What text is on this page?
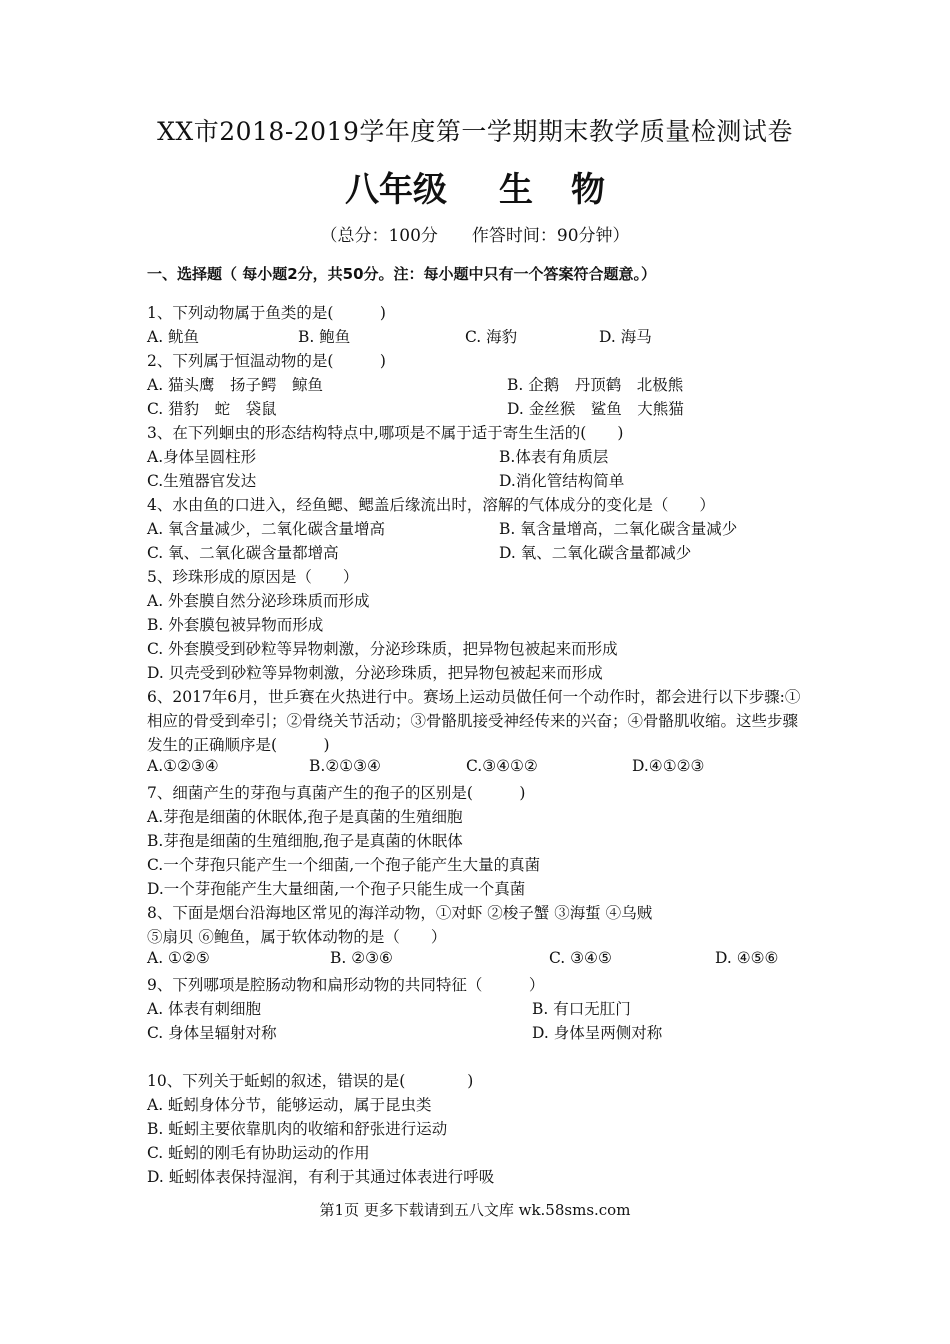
XX市2018-2019学年度第一学期期末教学质量检测试卷
八年级 生 物
（总分：100分　　作答时间：90分钟）
一、选择题（ 每小题2分，共50分。注：每小题中只有一个答案符合题意。）
1、下列动物属于鱼类的是(　　　)
A. 鱿鱼	B. 鲍鱼	C. 海豹	D. 海马
2、下列属于恒温动物的是(　　　)
A. 猫头鹰　扬子鳄　鲸鱼	B. 企鹅　丹顶鹤　北极熊
C. 猎豹　蛇　袋鼠	D. 金丝猴　鲨鱼　大熊猫
3、在下列蛔虫的形态结构特点中,哪项是不属于适于寄生生活的(　　)
A.身体呈圆柱形	B.体表有角质层
C.生殖器官发达	D.消化管结构简单
4、水由鱼的口进入，经鱼鳃、鳃盖后缘流出时，溶解的气体成分的变化是（　　）
A. 氧含量减少，二氧化碳含量增高	B. 氧含量增高，二氧化碳含量减少
C. 氧、二氧化碳含量都增高	D. 氧、二氧化碳含量都减少
5、珍珠形成的原因是（　　）
A. 外套膜自然分泌珍珠质而形成
B. 外套膜包被异物而形成
C. 外套膜受到砂粒等异物刺激，分泌珍珠质，把异物包被起来而形成
D. 贝壳受到砂粒等异物刺激，分泌珍珠质，把异物包被起来而形成
6、2017年6月，世乒赛在火热进行中。赛场上运动员做任何一个动作时，都会进行以下步骤:①
相应的骨受到牵引；②骨绕关节活动；③骨骼肌接受神经传来的兴奋；④骨骼肌收缩。这些步骤
发生的正确顺序是(　　　)
A.①②③④	B.②①③④	C.③④①②	D.④①②③
7、细菌产生的芽孢与真菌产生的孢子的区别是(　　　)
A.芽孢是细菌的休眠体,孢子是真菌的生殖细胞
B.芽孢是细菌的生殖细胞,孢子是真菌的休眠体
C.一个芽孢只能产生一个细菌,一个孢子能产生大量的真菌
D.一个芽孢能产生大量细菌,一个孢子只能生成一个真菌
8、下面是烟台沿海地区常见的海洋动物，①对虾 ②梭子蟹 ③海蜇 ④乌贼
⑤扇贝 ⑥鲍鱼，属于软体动物的是（　　）
A. ①②⑤	B. ②③⑥	C. ③④⑤	D. ④⑤⑥
9、下列哪项是腔肠动物和扁形动物的共同特征（　　　）
A. 体表有刺细胞	B. 有口无肛门
C. 身体呈辐射对称	D. 身体呈两侧对称
10、下列关于蚯蚓的叙述，错误的是(　　　　)
A. 蚯蚓身体分节，能够运动，属于昆虫类
B. 蚯蚓主要依靠肌肉的收缩和舒张进行运动
C. 蚯蚓的刚毛有协助运动的作用
D. 蚯蚓体表保持湿润，有利于其通过体表进行呼吸
第1页 更多下载请到五八文库 wk.58sms.com
